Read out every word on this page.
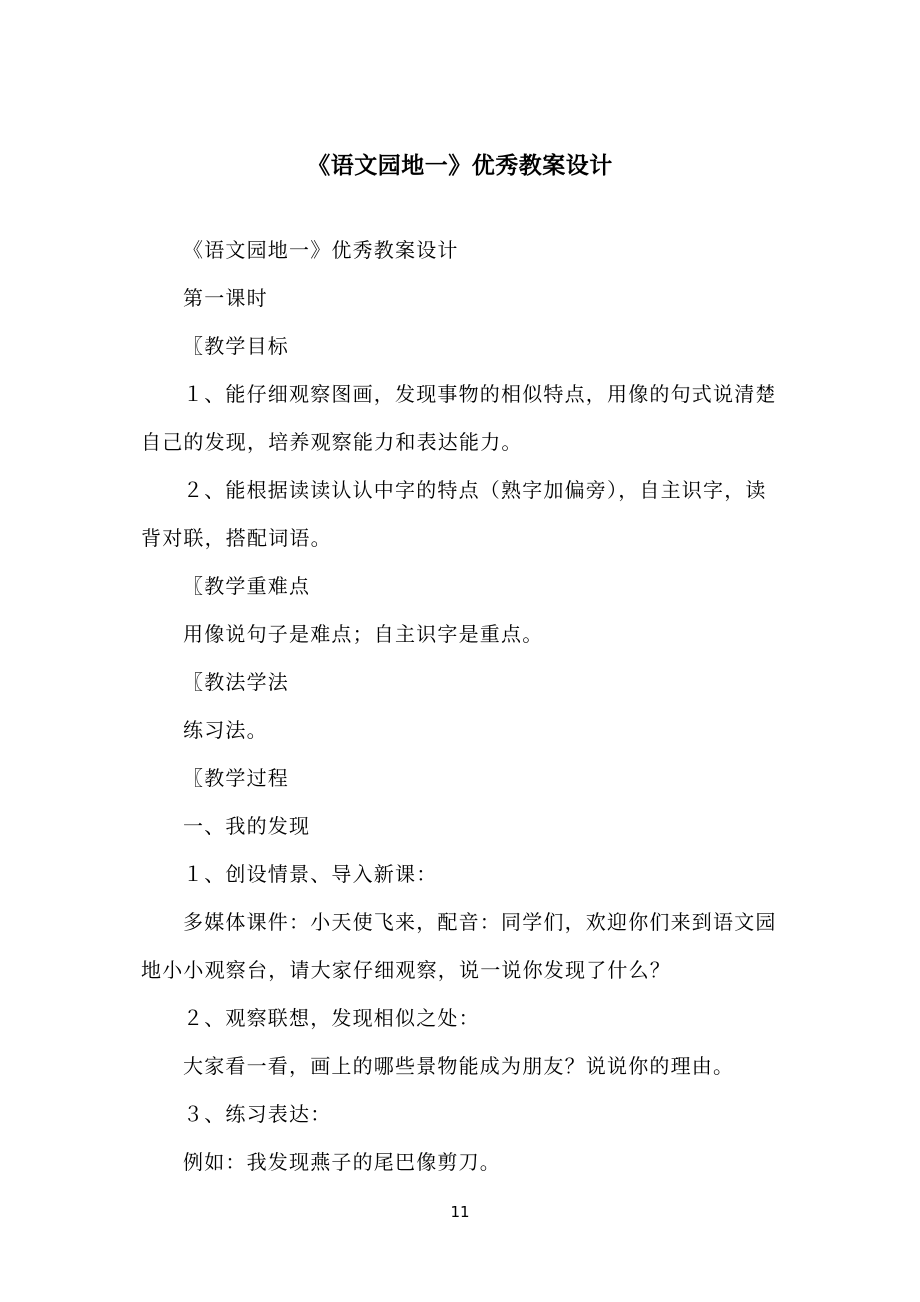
《语文园地一》优秀教案设计

《语文园地一》优秀教案设计

第一课时

〖教学目标

１、能仔细观察图画，发现事物的相似特点，用像的句式说清楚

自己的发现，培养观察能力和表达能力。

２、能根据读读认认中字的特点（熟字加偏旁），自主识字，读

背对联，搭配词语。

〖教学重难点

用像说句子是难点；自主识字是重点。

〖教法学法

练习法。

〖教学过程

一、我的发现

１、创设情景、导入新课：

多媒体课件：小天使飞来，配音：同学们，欢迎你们来到语文园

地小小观察台，请大家仔细观察，说一说你发现了什么？

２、观察联想，发现相似之处：

大家看一看，画上的哪些景物能成为朋友？说说你的理由。

３、练习表达：

例如：我发现燕子的尾巴像剪刀。

11
